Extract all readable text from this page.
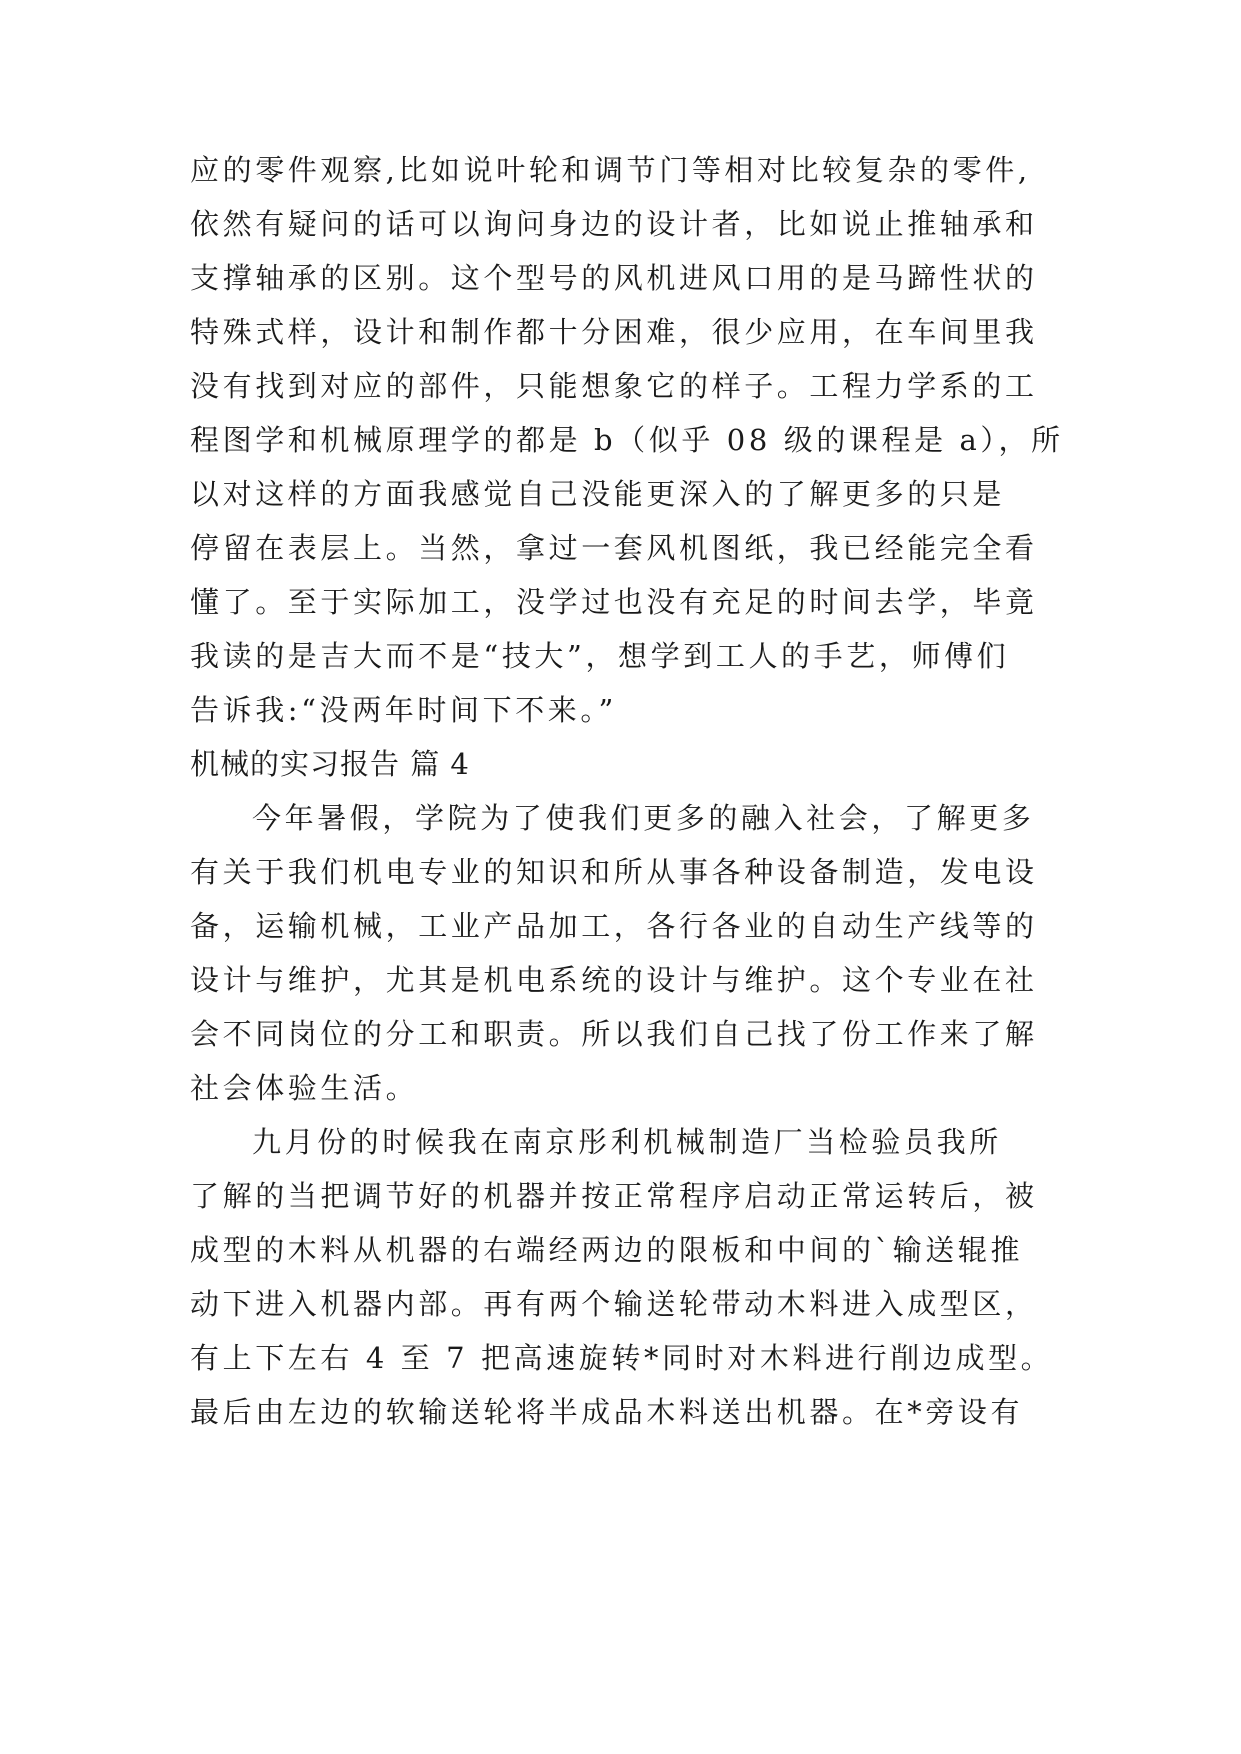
应的零件观察,比如说叶轮和调节门等相对比较复杂的零件,

依然有疑问的话可以询问身边的设计者，比如说止推轴承和

支撑轴承的区别。这个型号的风机进风口用的是马蹄性状的

特殊式样，设计和制作都十分困难，很少应用，在车间里我

没有找到对应的部件，只能想象它的样子。工程力学系的工

程图学和机械原理学的都是 b（似乎 08 级的课程是 a），所

以对这样的方面我感觉自己没能更深入的了解更多的只是

停留在表层上。当然，拿过一套风机图纸，我已经能完全看

懂了。至于实际加工，没学过也没有充足的时间去学，毕竟

我读的是吉大而不是“技大”，想学到工人的手艺，师傅们

告诉我:“没两年时间下不来。”

机械的实习报告 篇 4

今年暑假，学院为了使我们更多的融入社会，了解更多

有关于我们机电专业的知识和所从事各种设备制造，发电设

备，运输机械，工业产品加工，各行各业的自动生产线等的

设计与维护，尤其是机电系统的设计与维护。这个专业在社

会不同岗位的分工和职责。所以我们自己找了份工作来了解

社会体验生活。

九月份的时候我在南京彤利机械制造厂当检验员我所

了解的当把调节好的机器并按正常程序启动正常运转后，被

成型的木料从机器的右端经两边的限板和中间的`输送辊推

动下进入机器内部。再有两个输送轮带动木料进入成型区，

有上下左右 4 至 7 把高速旋转*同时对木料进行削边成型。

最后由左边的软输送轮将半成品木料送出机器。在*旁设有
